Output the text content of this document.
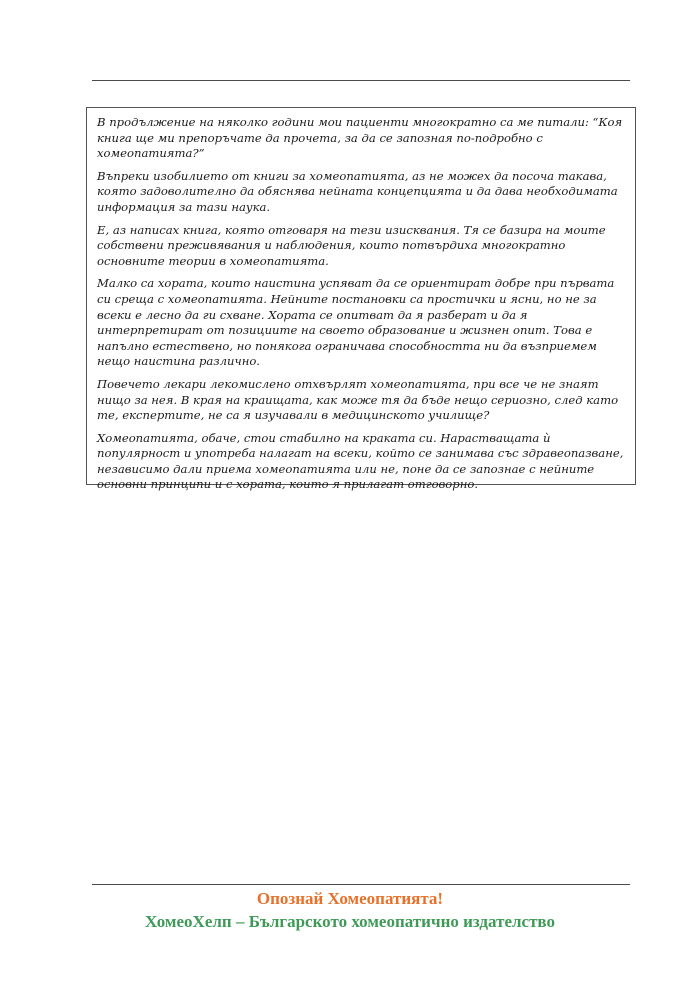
В продължение на няколко години мои пациенти многократно са ме питали: “Коя книга ще ми препоръчате да прочета, за да се запозная по-подробно с хомеопатията?”

Въпреки изобилието от книги за хомеопатията, аз не можех да посоча такава, която задоволително да обяснява нейната концепцията и да дава необходимата информация за тази наука.

Е, аз написах книга, която отговаря на тези изисквания. Тя се базира на моите собствени преживявания и наблюдения, които потвърдиха многократно основните теории в хомеопатията.

Малко са хората, които наистина успяват да се ориентират добре при първата си среща с хомеопатията. Нейните постановки са простички и ясни, но не за всеки е лесно да ги схване. Хората се опитват да я разберат и да я интерпретират от позициите на своето образование и жизнен опит. Това е напълно естествено, но понякога ограничава способността ни да възприемем нещо наистина различно.

Повечето лекари лекомислено отхвърлят хомеопатията, при все че не знаят нищо за нея. В края на краищата, как може тя да бъде нещо сериозно, след като те, експертите, не са я изучавали в медицинското училище?

Хомеопатията, обаче, стои стабилно на краката си. Нарастващата ѝ популярност и употреба налагат на всеки, който се занимава със здравеопазване, независимо дали приема хомеопатията или не, поне да се запознае с нейните основни принципи и с хората, които я прилагат отговорно.

Опознай Хомеопатията!
ХомеоХелп – Българското хомеопатично издателство
